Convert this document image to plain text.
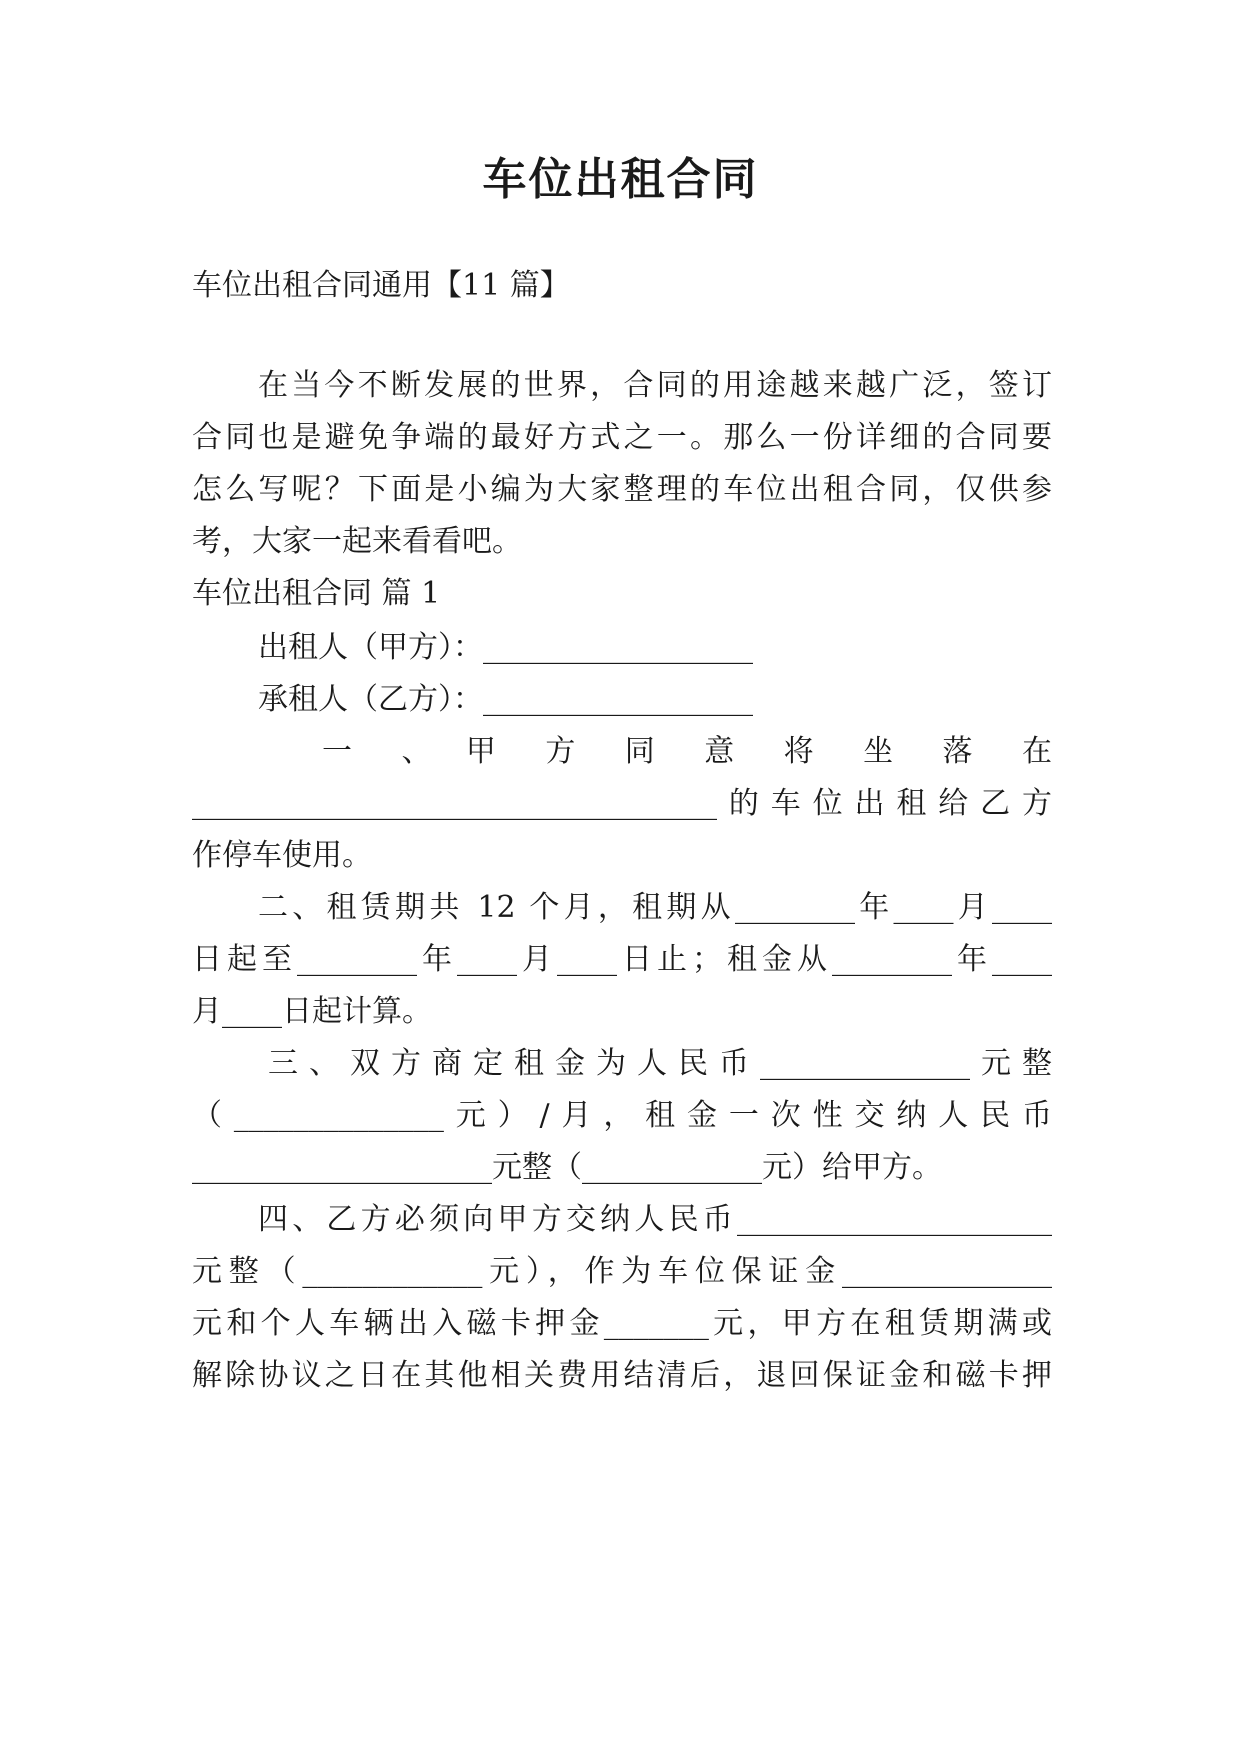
车位出租合同
车位出租合同通用【11 篇】
在当今不断发展的世界，合同的用途越来越广泛，签订
合同也是避免争端的最好方式之一。那么一份详细的合同要
怎么写呢？下面是小编为大家整理的车位出租合同，仅供参
考，大家一起来看看吧。
车位出租合同 篇 1
出租人（甲方）：__________________
承租人（乙方）：__________________
一　、　甲　方　同　意　将　坐　落　在
___________________________________的车位出租给乙方
作停车使用。
二、租赁期共 12 个月，租期从________年____月____
日起至________年____月____日止；租金从________年____
月____日起计算。
三、双方商定租金为人民币______________元整
（______________元）/月，租金一次性交纳人民币
____________________元整（____________元）给甲方。
四、乙方必须向甲方交纳人民币_____________________
元整（____________元），作为车位保证金______________
元和个人车辆出入磁卡押金_______元，甲方在租赁期满或
解除协议之日在其他相关费用结清后，退回保证金和磁卡押
